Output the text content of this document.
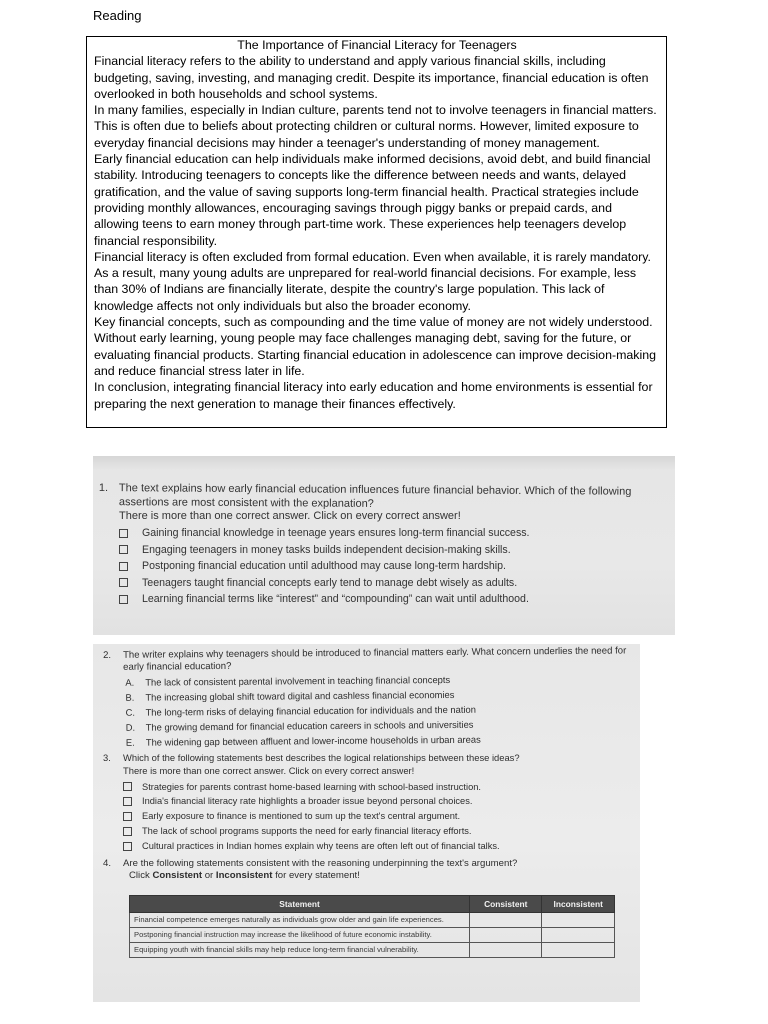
Reading
The Importance of Financial Literacy for Teenagers

Financial literacy refers to the ability to understand and apply various financial skills, including budgeting, saving, investing, and managing credit. Despite its importance, financial education is often overlooked in both households and school systems.

In many families, especially in Indian culture, parents tend not to involve teenagers in financial matters. This is often due to beliefs about protecting children or cultural norms. However, limited exposure to everyday financial decisions may hinder a teenager's understanding of money management.

Early financial education can help individuals make informed decisions, avoid debt, and build financial stability. Introducing teenagers to concepts like the difference between needs and wants, delayed gratification, and the value of saving supports long-term financial health. Practical strategies include providing monthly allowances, encouraging savings through piggy banks or prepaid cards, and allowing teens to earn money through part-time work. These experiences help teenagers develop financial responsibility.

Financial literacy is often excluded from formal education. Even when available, it is rarely mandatory. As a result, many young adults are unprepared for real-world financial decisions. For example, less than 30% of Indians are financially literate, despite the country's large population. This lack of knowledge affects not only individuals but also the broader economy.

Key financial concepts, such as compounding and the time value of money are not widely understood. Without early learning, young people may face challenges managing debt, saving for the future, or evaluating financial products. Starting financial education in adolescence can improve decision-making and reduce financial stress later in life.

In conclusion, integrating financial literacy into early education and home environments is essential for preparing the next generation to manage their finances effectively.

1. The text explains how early financial education influences future financial behavior. Which of the following assertions are most consistent with the explanation?
There is more than one correct answer. Click on every correct answer!
Gaining financial knowledge in teenage years ensures long-term financial success.
Engaging teenagers in money tasks builds independent decision-making skills.
Postponing financial education until adulthood may cause long-term hardship.
Teenagers taught financial concepts early tend to manage debt wisely as adults.
Learning financial terms like “interest” and “compounding” can wait until adulthood.
2.	The writer explains why teenagers should be introduced to financial matters early. What concern underlies the need for early financial education?
A.	The lack of consistent parental involvement in teaching financial concepts
B.	The increasing global shift toward digital and cashless financial economies
C.	The long-term risks of delaying financial education for individuals and the nation
D.	The growing demand for financial education careers in schools and universities
E.	The widening gap between affluent and lower-income households in urban areas
3.	Which of the following statements best describes the logical relationships between these ideas?
There is more than one correct answer. Click on every correct answer!
Strategies for parents contrast home-based learning with school-based instruction.
India's financial literacy rate highlights a broader issue beyond personal choices.
Early exposure to finance is mentioned to sum up the text's central argument.
The lack of school programs supports the need for early financial literacy efforts.
Cultural practices in Indian homes explain why teens are often left out of financial talks.
4.	Are the following statements consistent with the reasoning underpinning the text's argument?
Click Consistent or Inconsistent for every statement!
Statement	Consistent	Inconsistent
Financial competence emerges naturally as individuals grow older and gain life experiences.		
Postponing financial instruction may increase the likelihood of future economic instability.		
Equipping youth with financial skills may help reduce long-term financial vulnerability.		
